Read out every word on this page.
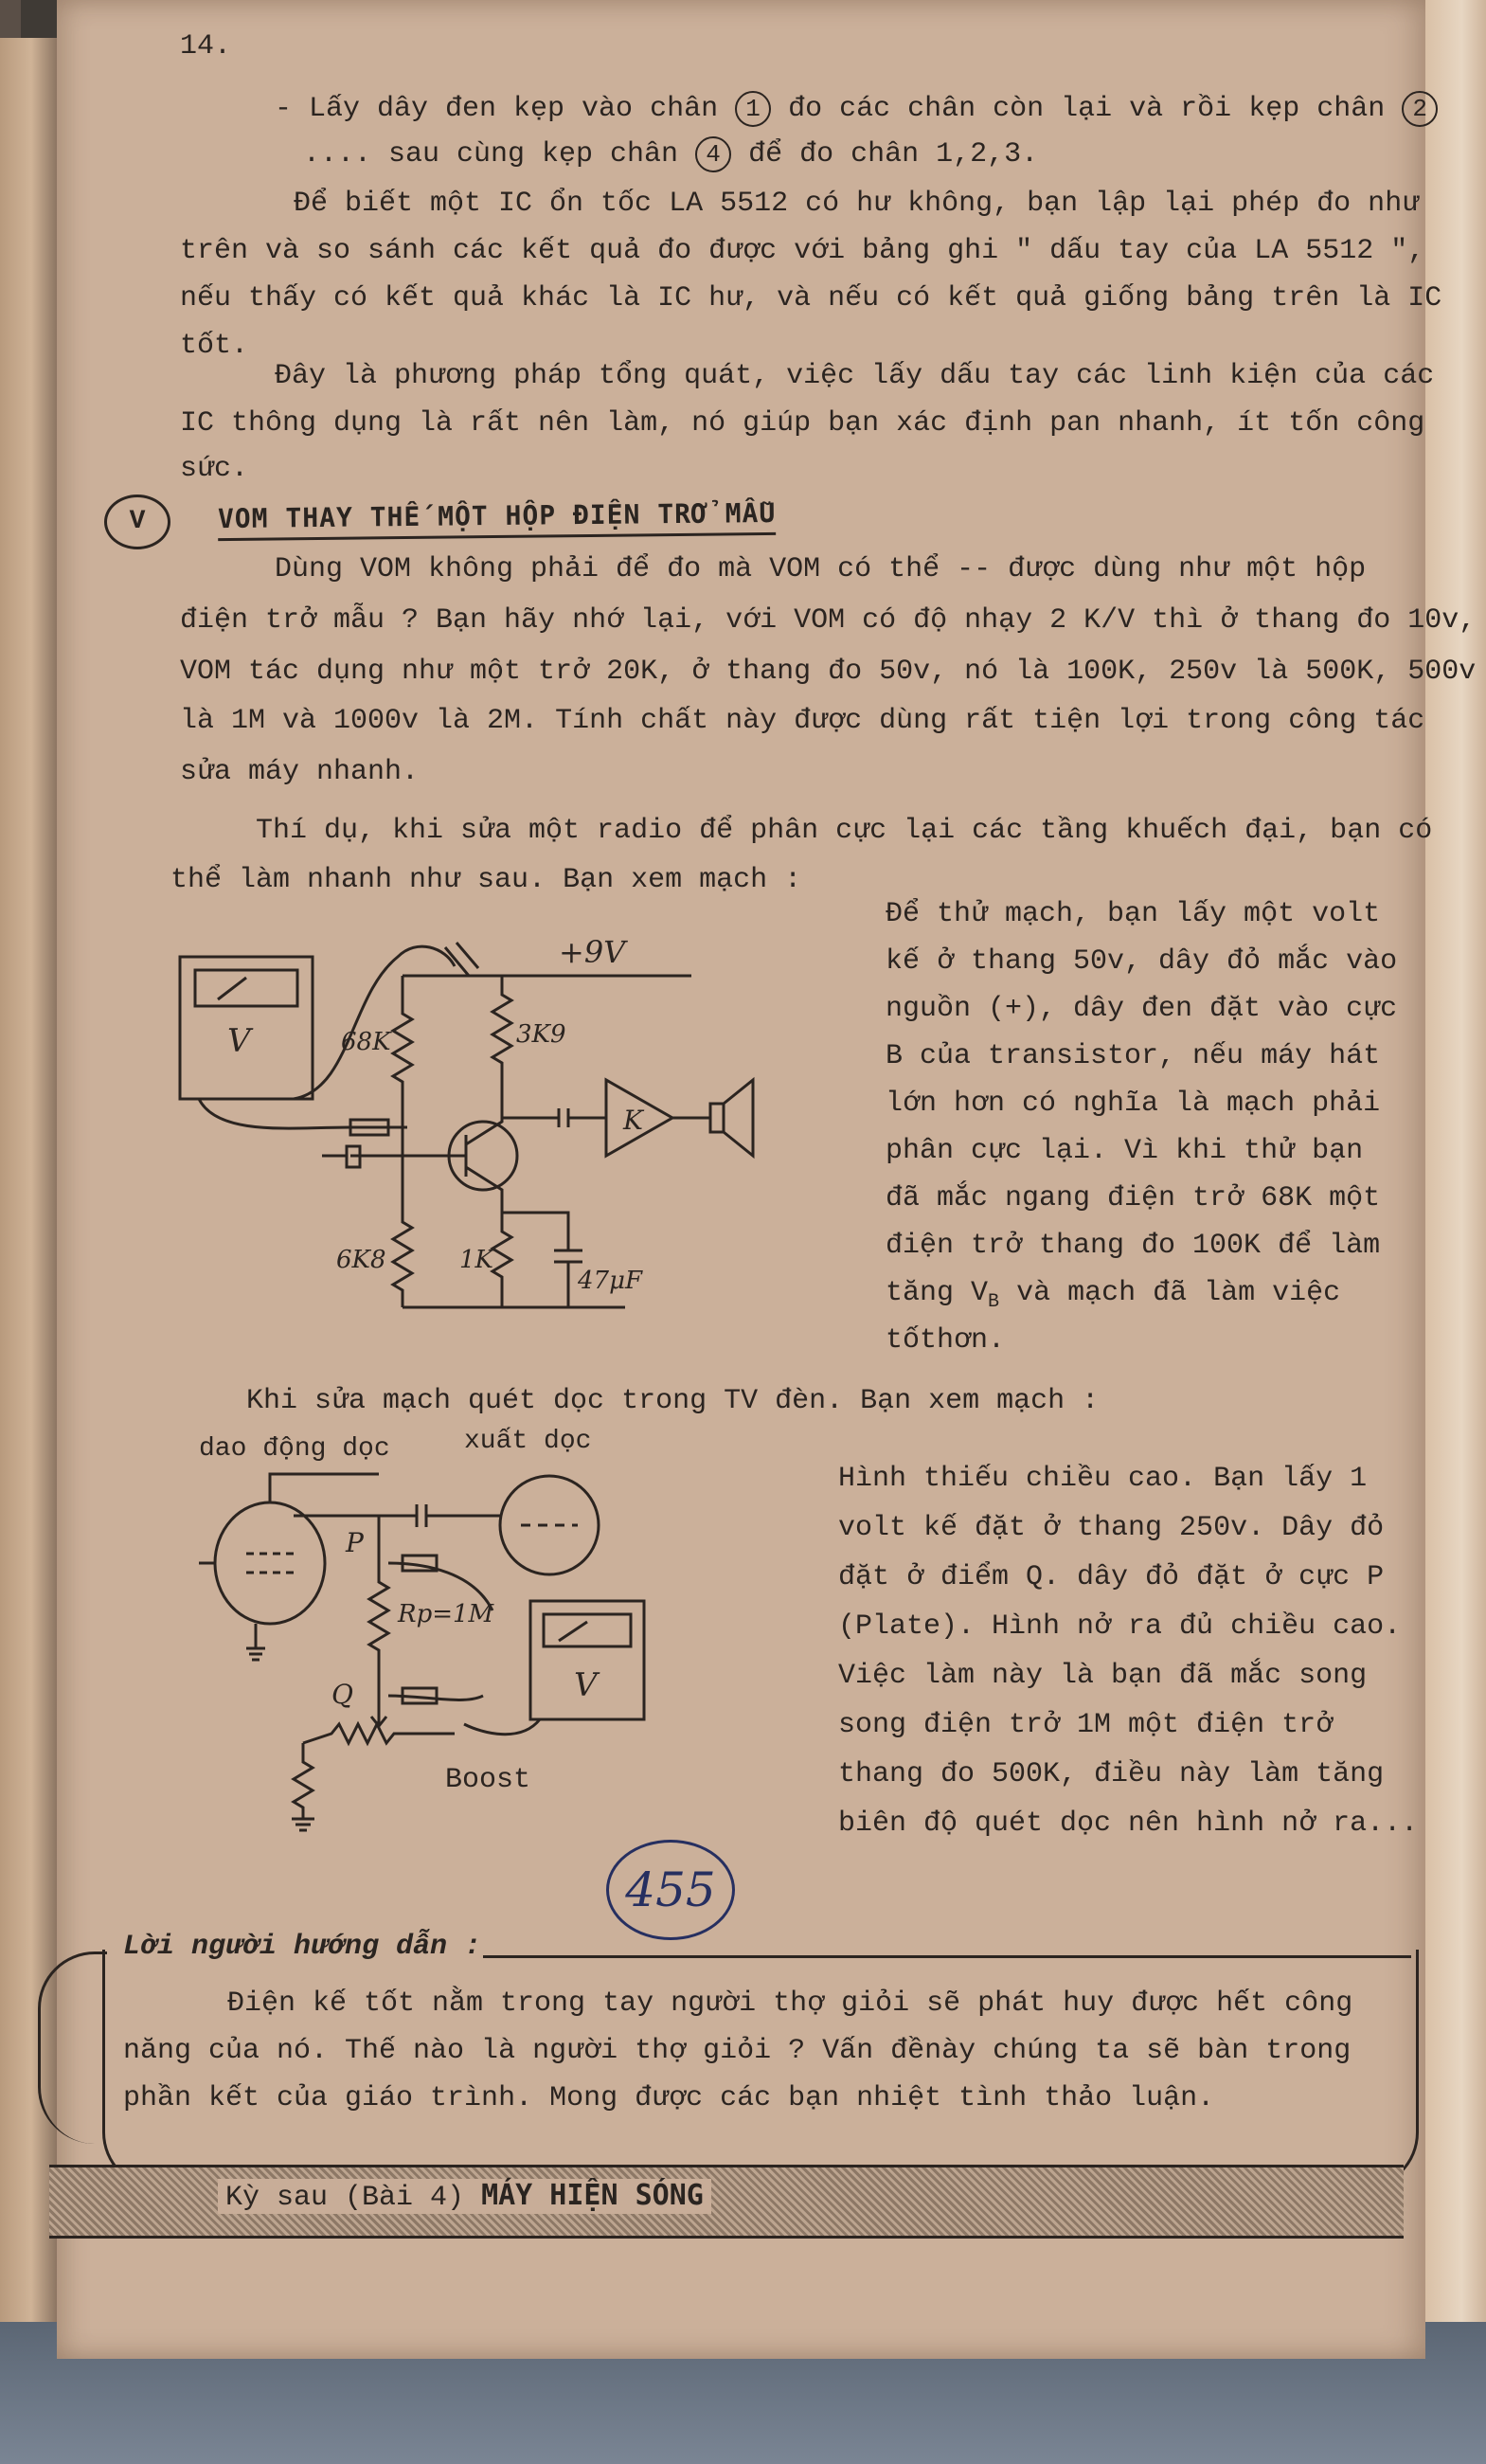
14.
- Lấy dây đen kẹp vào chân 1 đo các chân còn lại và rồi kẹp chân 2
.... sau cùng kẹp chân 4 để đo chân 1,2,3.
Để biết một IC ổn tốc LA 5512 có hư không, bạn lập lại phép đo như
trên và so sánh các kết quả đo được với bảng ghi " dấu tay của LA 5512 ",
nếu thấy có kết quả khác là IC hư, và nếu có kết quả giống bảng trên là IC
tốt.
Đây là phương pháp tổng quát, việc lấy dấu tay các linh kiện của các
IC thông dụng là rất nên làm, nó giúp bạn xác định pan nhanh, ít tốn công
sức.
V	VOM THAY THẾ MỘT HỘP ĐIỆN TRỞ MẪU
Dùng VOM không phải để đo mà VOM có thể -- được dùng như một hộp
điện trở mẫu ? Bạn hãy nhớ lại, với VOM có độ nhạy 2 K/V thì ở thang đo 10v,
VOM tác dụng như một trở 20K, ở thang đo 50v, nó là 100K, 250v là 500K, 500v
là 1M và 1000v là 2M. Tính chất này được dùng rất tiện lợi trong công tác
sửa máy nhanh.
Thí dụ, khi sửa một radio để phân cực lại các tầng khuếch đại, bạn có
thể làm nhanh như sau. Bạn xem mạch :
V
+9V
68K
6K8
3K9
1K
47μF
K
Để thử mạch, bạn lấy một volt
kế ở thang 50v, dây đỏ mắc vào
nguồn (+), dây đen đặt vào cực
B của transistor, nếu máy hát
lớn hơn có nghĩa là mạch phải
phân cực lại. Vì khi thử bạn
đã mắc ngang điện trở 68K một
điện trở thang đo 100K để làm
tăng $V_B$ và mạch đã làm việc
tốthơn.
Khi sửa mạch quét dọc trong TV đèn. Bạn xem mạch :
dao động dọc	xuất dọc
P
Q
Rp=1M
V
Boost
Hình thiếu chiều cao. Bạn lấy 1
volt kế đặt ở thang 250v. Dây đỏ
đặt ở điểm Q. dây đỏ đặt ở cực P
(Plate). Hình nở ra đủ chiều cao.
Việc làm này là bạn đã mắc song
song điện trở 1M một điện trở
thang đo 500K, điều này làm tăng
biên độ quét dọc nên hình nở ra...
455
Lời người hướng dẫn :
Điện kế tốt nằm trong tay người thợ giỏi sẽ phát huy được hết công
năng của nó. Thế nào là người thợ giỏi ? Vấn đềnày chúng ta sẽ bàn trong
phần kết của giáo trình. Mong được các bạn nhiệt tình thảo luận.
Kỳ sau (Bài 4) MÁY HIỆN SÓNG
